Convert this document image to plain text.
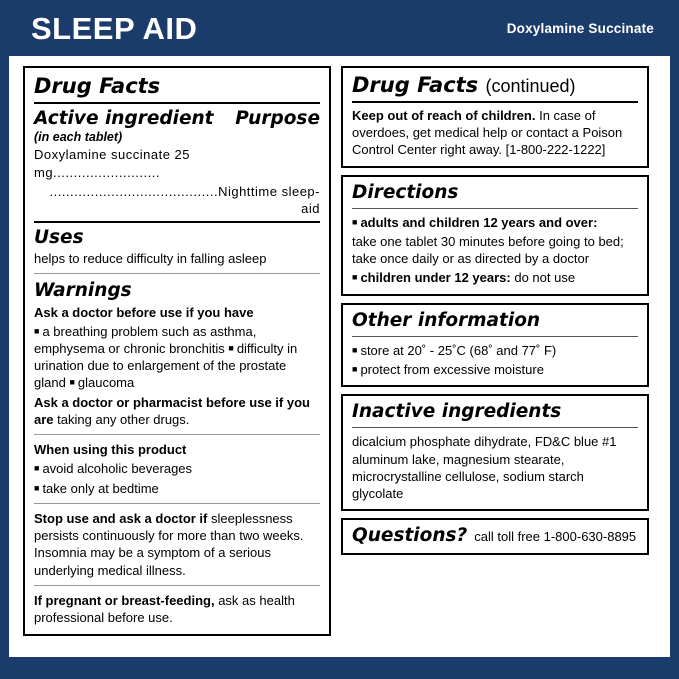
SLEEP AID	Doxylamine Succinate
Drug Facts
Active ingredient Purpose
(in each tablet)
Doxylamine succinate 25 mg..........................
.........................................Nighttime sleep-aid
Uses
helps to reduce difficulty in falling asleep
Warnings
Ask a doctor before use if you have
■ a breathing problem such as asthma, emphysema or chronic bronchitis ■ difficulty in urination due to enlargement of the prostate gland ■ glaucoma
Ask a doctor or pharmacist before use if you are taking any other drugs.
When using this product
■ avoid alcoholic beverages
■ take only at bedtime
Stop use and ask a doctor if sleeplessness persists continuously for more than two weeks. Insomnia may be a symptom of a serious underlying medical illness.
If pregnant or breast-feeding, ask as health professional before use.
Drug Facts (continued)
Keep out of reach of children. In case of overdoes, get medical help or contact a Poison Control Center right away. [1-800-222-1222]
Directions
■ adults and children 12 years and over:
take one tablet 30 minutes before going to bed; take once daily or as directed by a doctor
■ children under 12 years: do not use
Other information
■ store at 20˚ - 25˚C (68˚ and 77˚ F)
■ protect from excessive moisture
Inactive ingredients
dicalcium phosphate dihydrate, FD&C blue #1 aluminum lake, magnesium stearate, microcrystalline cellulose, sodium starch glycolate
Questions? call toll free 1-800-630-8895
